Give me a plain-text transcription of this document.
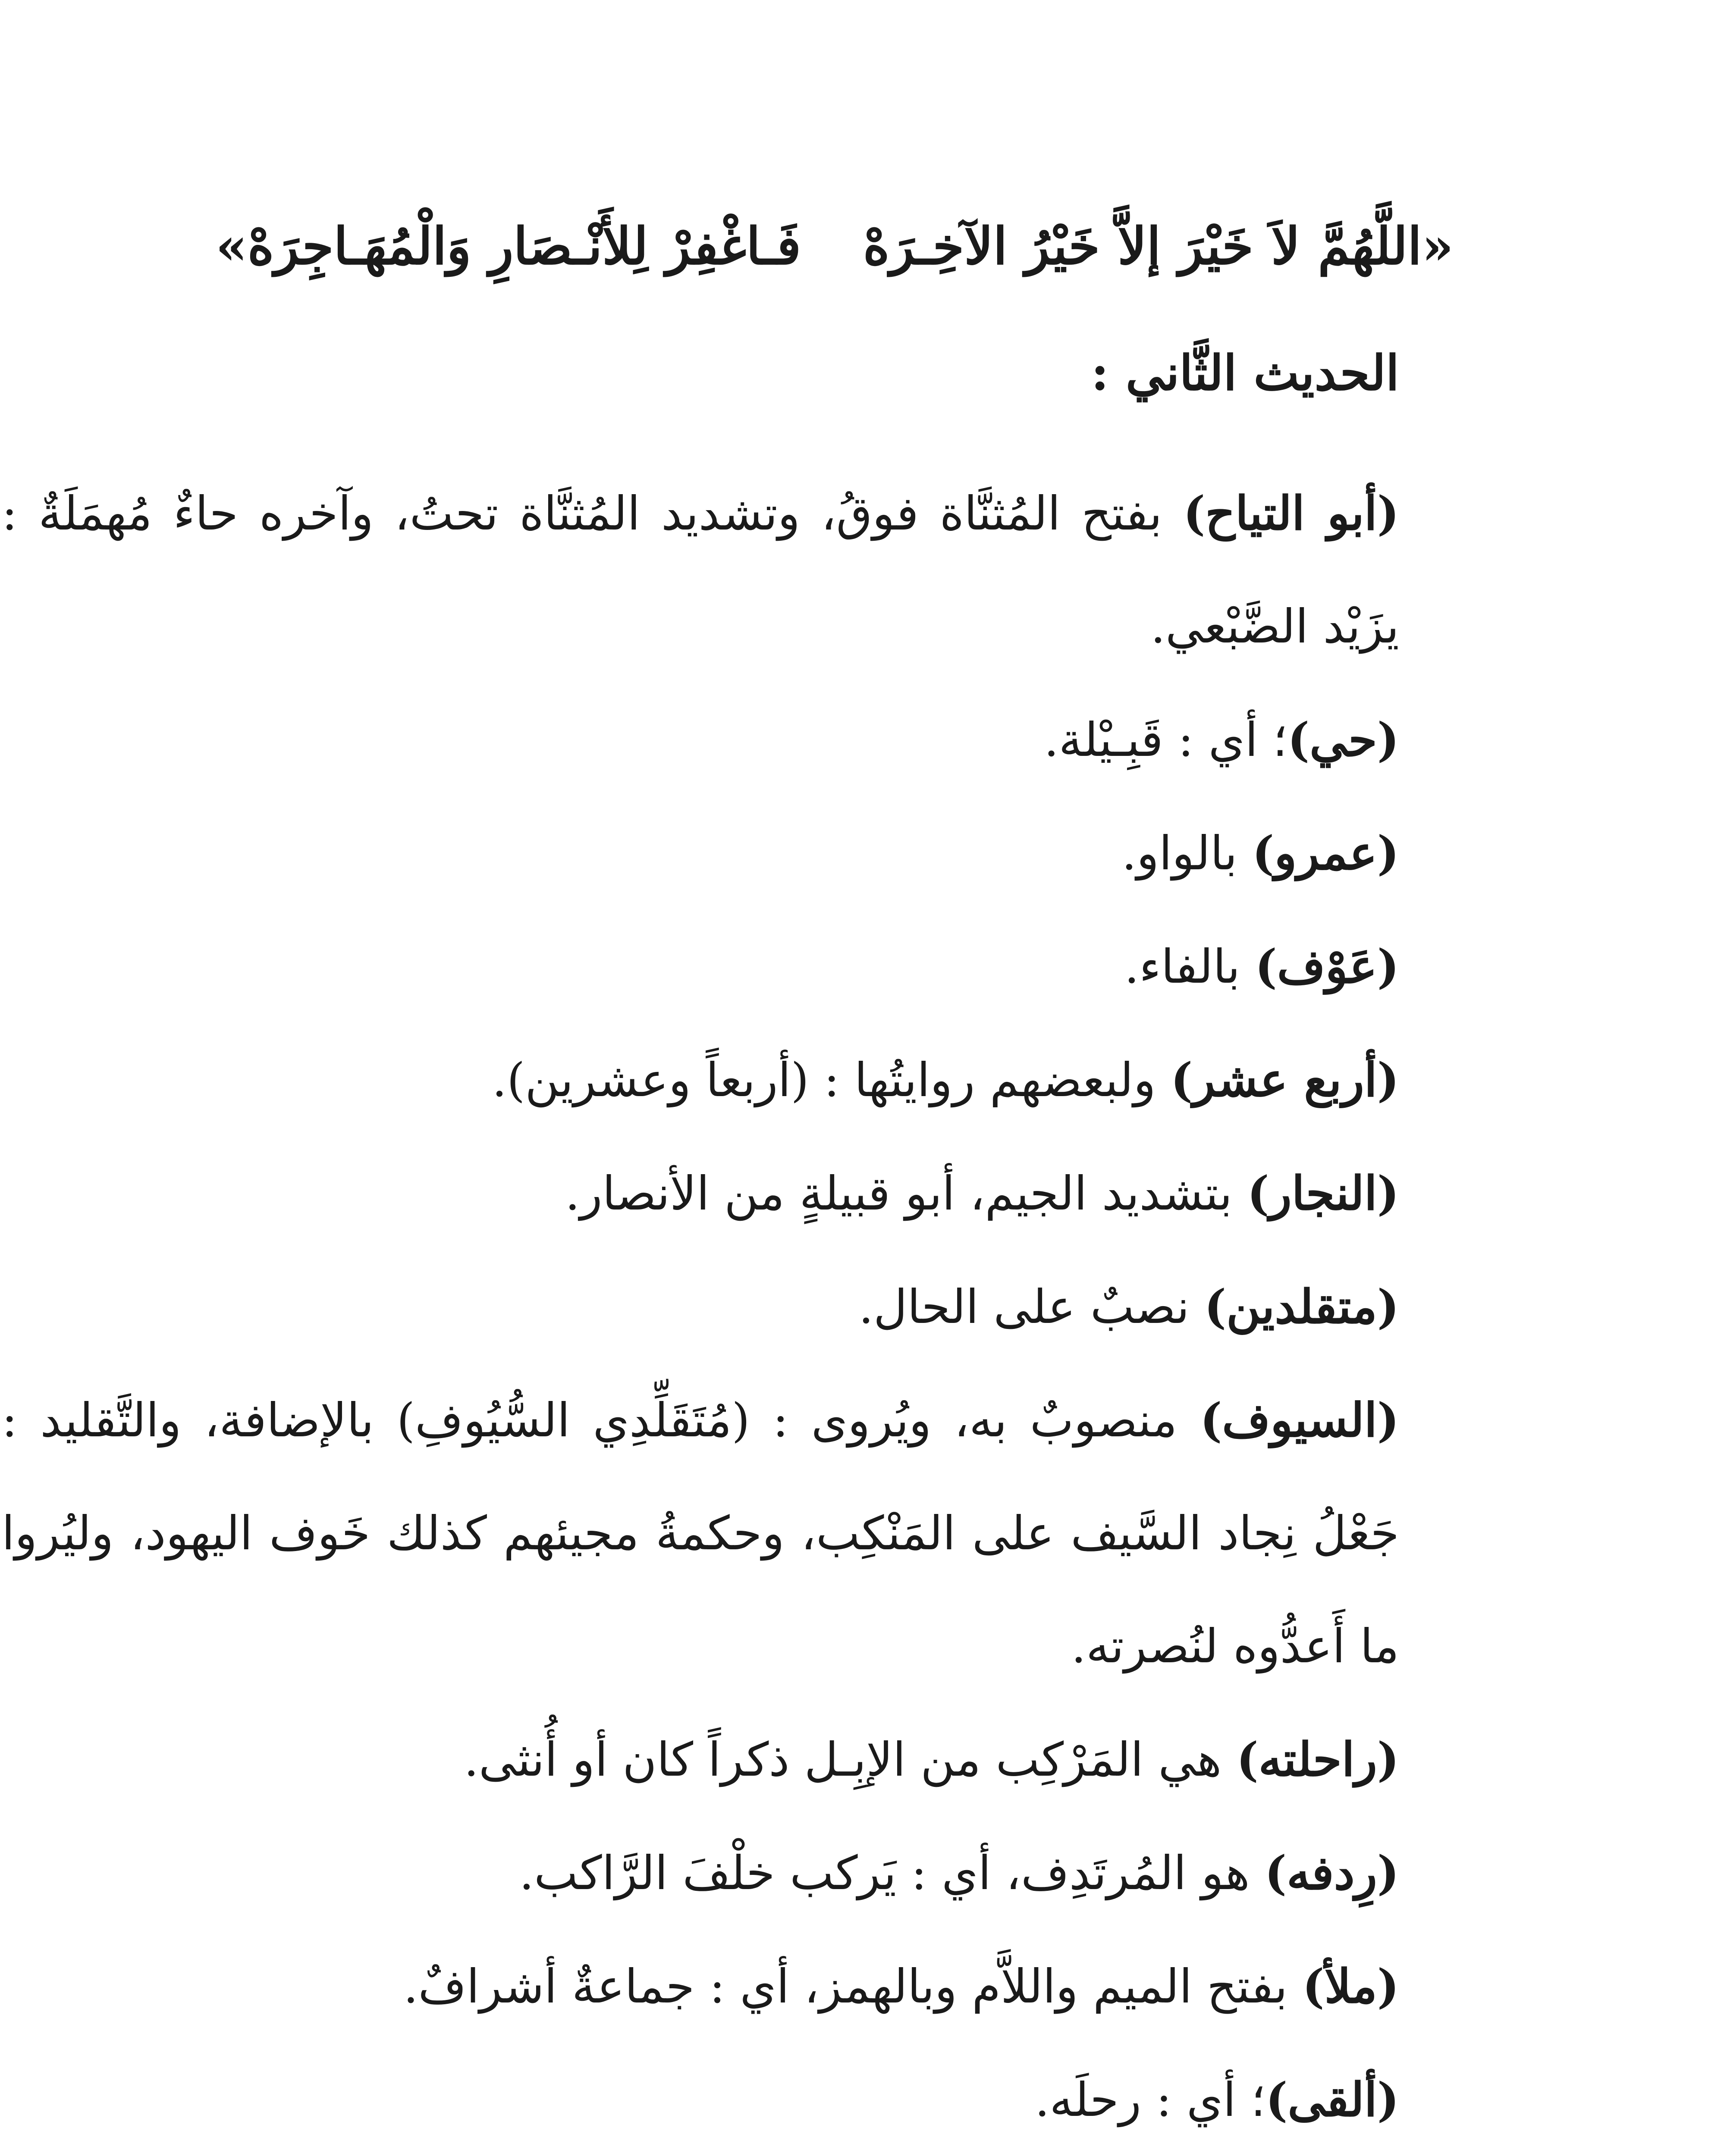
«اللَّهُمَّ لاَ خَيْرَ إلاَّ خَيْرُ الآخِـرَهْ
فَـاغْفِرْ لِلأَنْـصَارِ وَالْمُهَـاجِرَهْ»
الحديث الثَّاني :

(أبو التياح) بفتح المُثنَّاة فوقُ، وتشديد المُثنَّاة تحتُ، وآخره حاءٌ مُهمَلَةٌ : يزَيْد الضَّبْعي.

(حي)؛ أي : قَبِـيْلة.

(عمرو) بالواو.

(عَوْف) بالفاء.

(أربع عشر) ولبعضهم روايتُها : (أربعاً وعشرين).

(النجار) بتشديد الجيم، أبو قبيلةٍ من الأنصار.

(متقلدين) نصبٌ على الحال.

(السيوف) منصوبٌ به، ويُروى : (مُتَقَلِّدِي السُّيُوفِ) بالإضافة، والتَّقليد : جَعْلُ نِجاد السَّيف على المَنْكِب، وحكمةُ مجيئهم كذلك خَوف اليهود، وليُروا ما أَعدُّوه لنُصرته.

(راحلته) هي المَرْكِب من الإبِـل ذكراً كان أو أُنثى.

(رِدفه) هو المُرتَدِف، أي : يَركب خلْفَ الرَّاكب.

(ملأ) بفتح الميم واللاَّم وبالهمز، أي : جماعةٌ أشرافٌ.

(ألقى)؛ أي : رحلَه.
